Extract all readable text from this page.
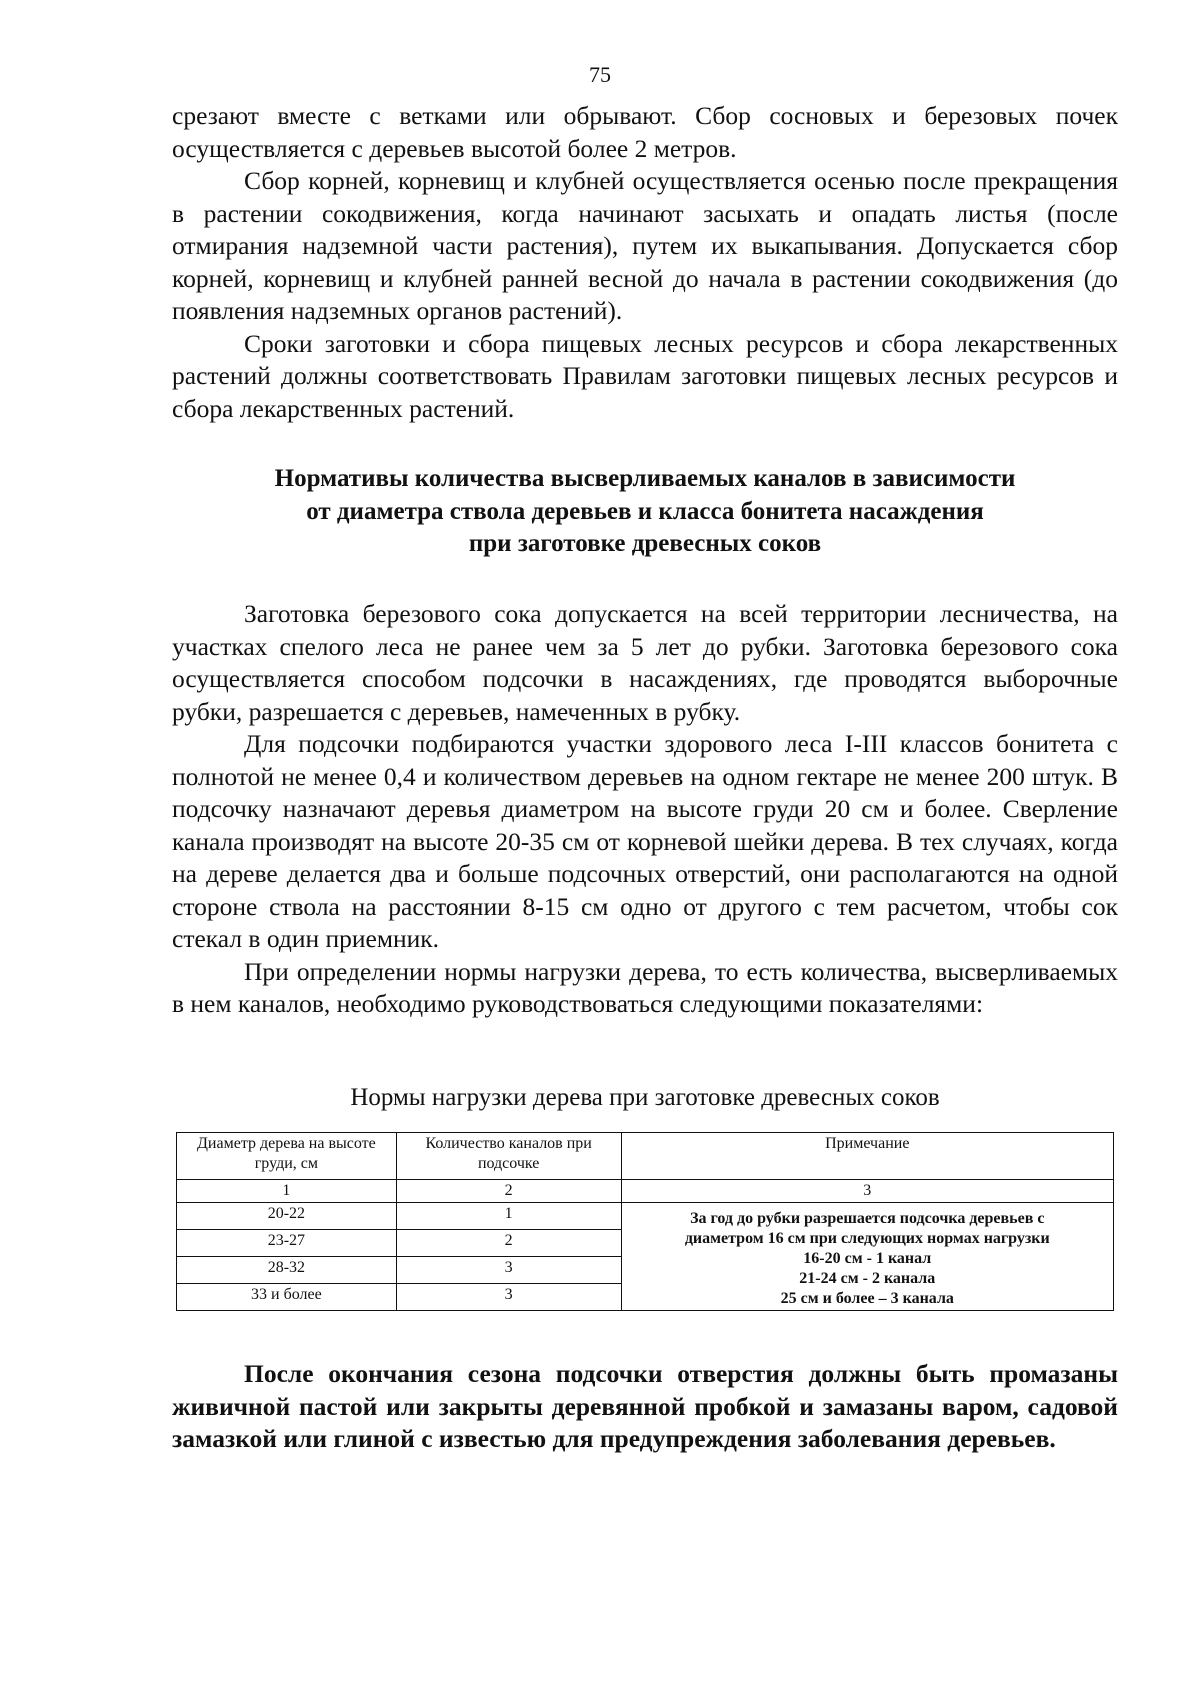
75

срезают вместе с ветками или обрывают. Сбор сосновых и березовых почек осуществляется с деревьев высотой более 2 метров.

Сбор корней, корневищ и клубней осуществляется осенью после прекращения в растении сокодвижения, когда начинают засыхать и опадать листья (после отмирания надземной части растения), путем их выкапывания. Допускается сбор корней, корневищ и клубней ранней весной до начала в растении сокодвижения (до появления надземных органов растений).

Сроки заготовки и сбора пищевых лесных ресурсов и сбора лекарственных растений должны соответствовать Правилам заготовки пищевых лесных ресурсов и сбора лекарственных растений.

Нормативы количества высверливаемых каналов в зависимости
от диаметра ствола деревьев и класса бонитета насаждения
при заготовке древесных соков

Заготовка березового сока допускается на всей территории лесничества, на участках спелого леса не ранее чем за 5 лет до рубки. Заготовка березового сока осуществляется способом подсочки в насаждениях, где проводятся выборочные рубки, разрешается с деревьев, намеченных в рубку.

Для подсочки подбираются участки здорового леса I-III классов бонитета с полнотой не менее 0,4 и количеством деревьев на одном гектаре не менее 200 штук. В подсочку назначают деревья диаметром на высоте груди 20 см и более. Сверление канала производят на высоте 20-35 см от корневой шейки дерева. В тех случаях, когда на дереве делается два и больше подсочных отверстий, они располагаются на одной стороне ствола на расстоянии 8-15 см одно от другого с тем расчетом, чтобы сок стекал в один приемник.

При определении нормы нагрузки дерева, то есть количества, высверливаемых в нем каналов, необходимо руководствоваться следующими показателями:

Нормы нагрузки дерева при заготовке древесных соков
Диаметр дерева на высоте груди, см	Количество каналов при подсочке	Примечание
1	2	3
20-22	1	За год до рубки разрешается подсочка деревьев с
диаметром 16 см при следующих нормах нагрузки
16-20 см - 1 канал
21-24 см - 2 канала
25 см и более – 3 канала

23-27	2	
28-32	3	
33 и более	3	

После окончания сезона подсочки отверстия должны быть промазаны живичной пастой или закрыты деревянной пробкой и замазаны варом, садовой замазкой или глиной с известью для предупреждения заболевания деревьев.
